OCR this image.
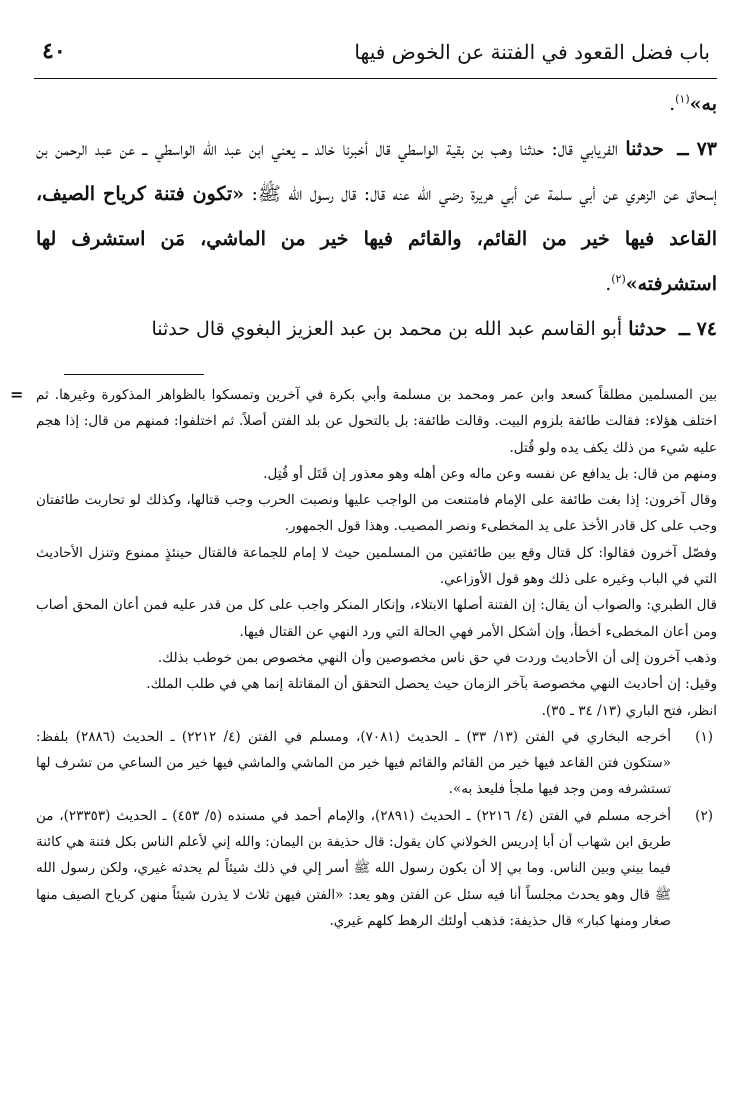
باب فضل القعود في الفتنة عن الخوض فيها
٤٠

به»$^{(١)}$.

٧٣ ــ حدثنا الفريابي قال: حدثنا وهب بن بقية الواسطي قال أخبرنا خالد ــ يعني ابن عبد الله الواسطي ــ عن عبد الرحمن بن إسحاق عن الزهري عن أبي سلمة عن أبي هريرة رضي الله عنه قال: قال رسول الله ﷺ: «تكون فتنة كرياح الصيف، القاعد فيها خير من القائم، والقائم فيها خير من الماشي، مَن استشرف لها استشرفته»$^{(٢)}$.

٧٤ ــ حدثنا أبو القاسم عبد الله بن محمد بن عبد العزيز البغوي قال حدثنا

= بين المسلمين مطلقاً كسعد وابن عمر ومحمد بن مسلمة وأبي بكرة في آخرين وتمسكوا بالظواهر المذكورة وغيرها. ثم اختلف هؤلاء: فقالت طائفة بلزوم البيت. وقالت طائفة: بل بالتحول عن بلد الفتن أصلاً. ثم اختلفوا: فمنهم من قال: إذا هجم عليه شيء من ذلك يكف يده ولو قُتل.

ومنهم من قال: بل يدافع عن نفسه وعن ماله وعن أهله وهو معذور إن قَتَل أو قُتِل.

وقال آخرون: إذا بغت طائفة على الإمام فامتنعت من الواجب عليها ونصبت الحرب وجب قتالها، وكذلك لو تحاربت طائفتان وجب على كل قادر الأخذ على يد المخطىء ونصر المصيب. وهذا قول الجمهور.

وفصّل آخرون فقالوا: كل قتال وقع بين طائفتين من المسلمين حيث لا إمام للجماعة فالقتال حينئذٍ ممنوع وتنزل الأحاديث التي في الباب وغيره على ذلك وهو قول الأوزاعي.

قال الطبري: والصواب أن يقال: إن الفتنة أصلها الابتلاء، وإنكار المنكر واجب على كل من قدر عليه فمن أعان المحق أصاب ومن أعان المخطىء أخطأ، وإن أشكل الأمر فهي الحالة التي ورد النهي عن القتال فيها.

وذهب آخرون إلى أن الأحاديث وردت في حق ناس مخصوصين وأن النهي مخصوص بمن خوطب بذلك.

وقيل: إن أحاديث النهي مخصوصة بآخر الزمان حيث يحصل التحقق أن المقاتلة إنما هي في طلب الملك.

انظر، فتح الباري (١٣/ ٣٤ ـ ٣٥).

(١)
أخرجه البخاري في الفتن (١٣/ ٣٣) ـ الحديث (٧٠٨١)، ومسلم في الفتن (٤/ ٢٢١٢) ـ الحديث (٢٨٨٦) بلفظ: «ستكون فتن القاعد فيها خير من القائم والقائم فيها خير من الماشي والماشي فيها خير من الساعي من تشرف لها تستشرفه ومن وجد فيها ملجأ فليعذ به».
(٢)
أخرجه مسلم في الفتن (٤/ ٢٢١٦) ـ الحديث (٢٨٩١)، والإمام أحمد في مسنده (٥/ ٤٥٣) ـ الحديث (٢٣٣٥٣)، من طريق ابن شهاب أن أبا إدريس الخولاني كان يقول: قال حذيفة بن اليمان: والله إني لأعلم الناس بكل فتنة هي كائنة فيما بيني وبين الناس. وما بي إلا أن يكون رسول الله ﷺ أسر إلي في ذلك شيئاً لم يحدثه غيري، ولكن رسول الله ﷺ قال وهو يحدث مجلساً أنا فيه سئل عن الفتن وهو يعد: «الفتن فيهن ثلاث لا يذرن شيئاً منهن كرياح الصيف منها صغار ومنها كبار» قال حذيفة: فذهب أولئك الرهط كلهم غيري.
